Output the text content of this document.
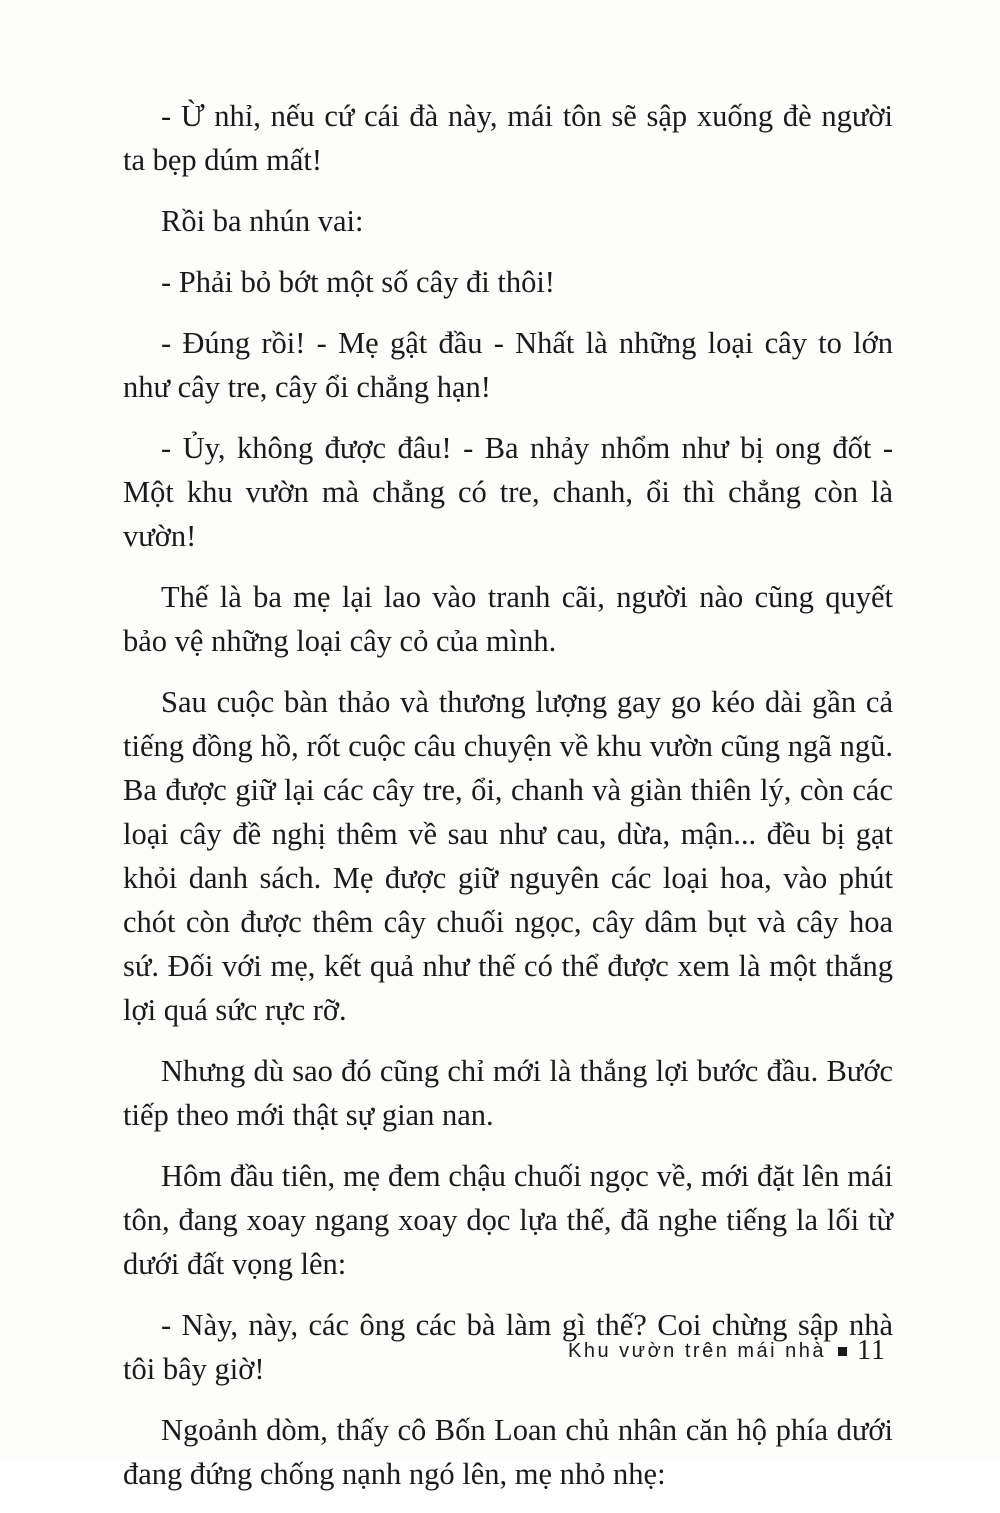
- Ừ nhỉ, nếu cứ cái đà này, mái tôn sẽ sập xuống đè người ta bẹp dúm mất!

Rồi ba nhún vai:

- Phải bỏ bớt một số cây đi thôi!

- Đúng rồi! - Mẹ gật đầu - Nhất là những loại cây to lớn như cây tre, cây ổi chẳng hạn!

- Ủy, không được đâu! - Ba nhảy nhổm như bị ong đốt - Một khu vườn mà chẳng có tre, chanh, ổi thì chẳng còn là vườn!

Thế là ba mẹ lại lao vào tranh cãi, người nào cũng quyết bảo vệ những loại cây cỏ của mình.

Sau cuộc bàn thảo và thương lượng gay go kéo dài gần cả tiếng đồng hồ, rốt cuộc câu chuyện về khu vườn cũng ngã ngũ. Ba được giữ lại các cây tre, ổi, chanh và giàn thiên lý, còn các loại cây đề nghị thêm về sau như cau, dừa, mận... đều bị gạt khỏi danh sách. Mẹ được giữ nguyên các loại hoa, vào phút chót còn được thêm cây chuối ngọc, cây dâm bụt và cây hoa sứ. Đối với mẹ, kết quả như thế có thể được xem là một thắng lợi quá sức rực rỡ.

Nhưng dù sao đó cũng chỉ mới là thắng lợi bước đầu. Bước tiếp theo mới thật sự gian nan.

Hôm đầu tiên, mẹ đem chậu chuối ngọc về, mới đặt lên mái tôn, đang xoay ngang xoay dọc lựa thế, đã nghe tiếng la lối từ dưới đất vọng lên:

- Này, này, các ông các bà làm gì thế? Coi chừng sập nhà tôi bây giờ!

Ngoảnh dòm, thấy cô Bốn Loan chủ nhân căn hộ phía dưới đang đứng chống nạnh ngó lên, mẹ nhỏ nhẹ:

Khu vườn trên mái nhà 11
